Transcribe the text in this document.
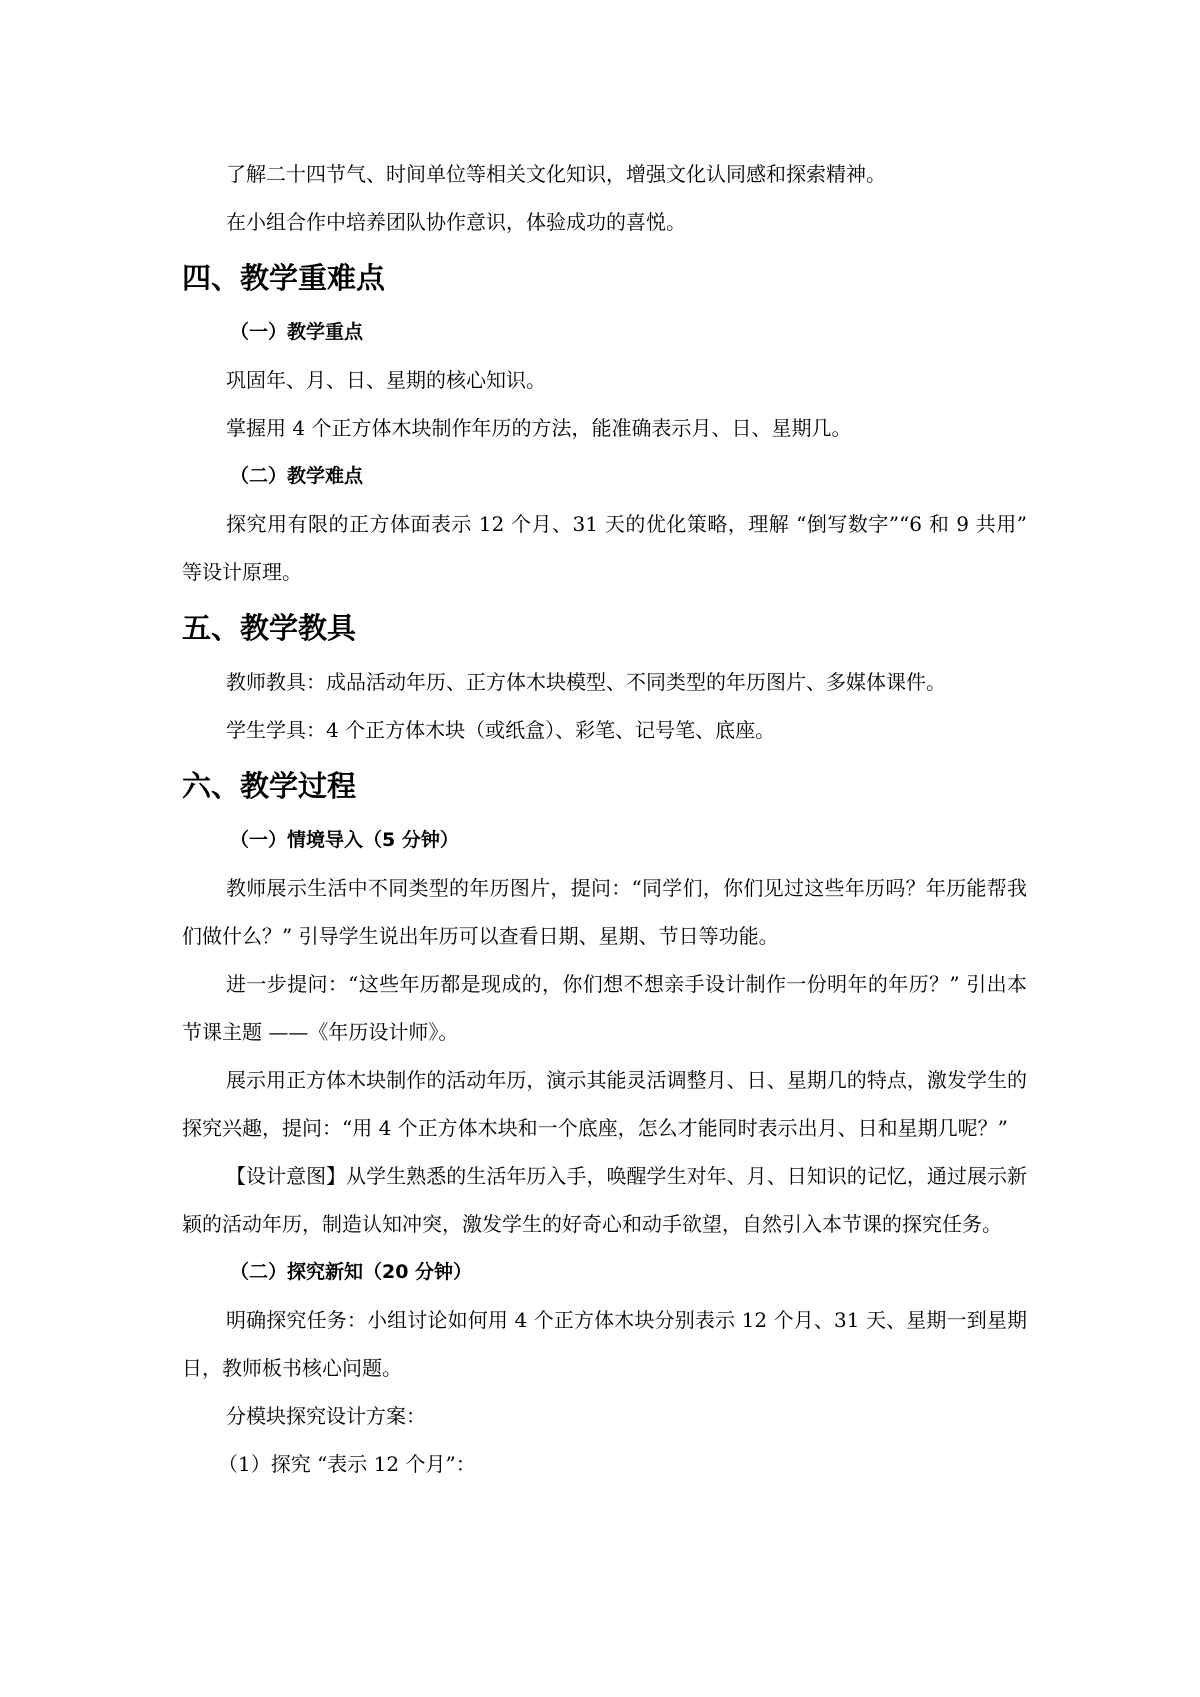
了解二十四节气、时间单位等相关文化知识，增强文化认同感和探索精神。

在小组合作中培养团队协作意识，体验成功的喜悦。

四、教学重难点
（一）教学重点

巩固年、月、日、星期的核心知识。

掌握用 4 个正方体木块制作年历的方法，能准确表示月、日、星期几。

（二）教学难点

探究用有限的正方体面表示 12 个月、31 天的优化策略，理解 “倒写数字”“6 和 9 共用” 等设计原理。

五、教学教具

教师教具：成品活动年历、正方体木块模型、不同类型的年历图片、多媒体课件。

学生学具：4 个正方体木块（或纸盒）、彩笔、记号笔、底座。

六、教学过程
（一）情境导入（5 分钟）

教师展示生活中不同类型的年历图片，提问：“同学们，你们见过这些年历吗？年历能帮我们做什么？” 引导学生说出年历可以查看日期、星期、节日等功能。

进一步提问：“这些年历都是现成的，你们想不想亲手设计制作一份明年的年历？” 引出本节课主题 ——《年历设计师》。

展示用正方体木块制作的活动年历，演示其能灵活调整月、日、星期几的特点，激发学生的探究兴趣，提问：“用 4 个正方体木块和一个底座，怎么才能同时表示出月、日和星期几呢？”

【设计意图】从学生熟悉的生活年历入手，唤醒学生对年、月、日知识的记忆，通过展示新颖的活动年历，制造认知冲突，激发学生的好奇心和动手欲望，自然引入本节课的探究任务。

（二）探究新知（20 分钟）

明确探究任务：小组讨论如何用 4 个正方体木块分别表示 12 个月、31 天、星期一到星期日，教师板书核心问题。

分模块探究设计方案：

（1）探究 “表示 12 个月”：
